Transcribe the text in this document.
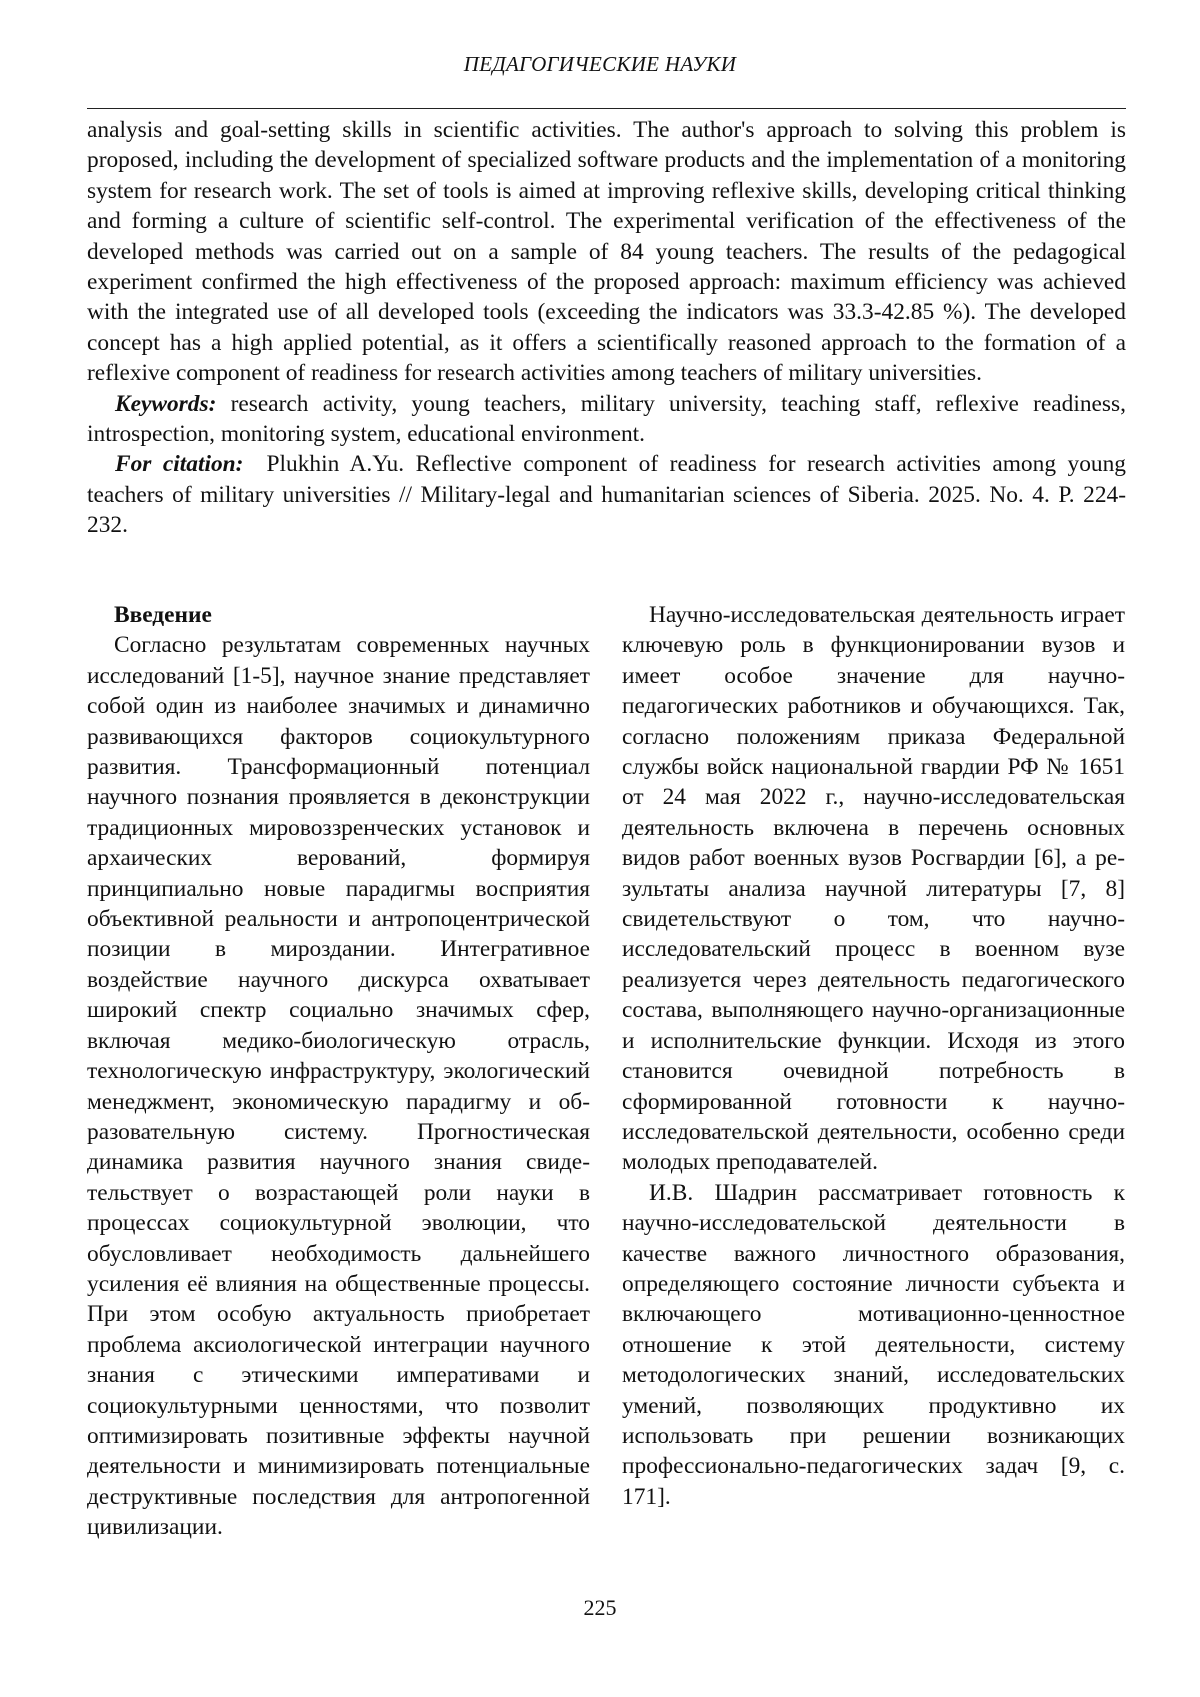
ПЕДАГОГИЧЕСКИЕ НАУКИ

analysis and goal-setting skills in scientific activities. The author's approach to solving this problem is proposed, including the development of specialized software products and the implementation of a monitoring system for research work. The set of tools is aimed at improving reflexive skills, developing critical thinking and forming a culture of scientific self-control. The experimental verification of the effectiveness of the developed methods was carried out on a sample of 84 young teachers. The results of the pedagogical experiment confirmed the high effectiveness of the proposed approach: maximum efficiency was achieved with the integrated use of all developed tools (exceeding the indicators was 33.3-42.85 %). The developed concept has a high applied potential, as it offers a scientifically reasoned approach to the formation of a reflexive component of readiness for research activities among teachers of military universities.

Keywords: research activity, young teachers, military university, teaching staff, reflexive readiness, introspection, monitoring system, educational environment.

For citation: Plukhin A.Yu. Reflective component of readiness for research activities among young teachers of military universities // Military-legal and humanitarian sciences of Siberia. 2025. No. 4. P. 224-232.

Введение

Согласно результатам современных научных исследований [1-5], научное знание представляет собой один из наиболее значимых и динамично развивающихся факторов социокультурного развития. Трансформационный потенциал научного познания проявляется в деконструкции традиционных мировоззренческих установок и архаических верований, формируя принципиально новые парадигмы восприятия объективной реальности и антропоцентрической позиции в мироздании. Интегративное воздействие научного дискурса охватывает широкий спектр социально значимых сфер, включая медико-биологическую отрасль, технологическую инфраструктуру, экологический менеджмент, экономическую парадигму и образовательную систему. Прогностическая динамика развития научного знания свидетельствует о возрастающей роли науки в процессах социокультурной эволюции, что обусловливает необходимость дальнейшего усиления её влияния на общественные процессы. При этом особую актуальность приобретает проблема аксиологической интеграции научного знания с этическими императивами и социокультурными ценностями, что позволит оптимизировать позитивные эффекты научной деятельности и минимизировать потенциальные деструктивные последствия для антропогенной цивилизации.

Научно-исследовательская деятельность играет ключевую роль в функционировании вузов и имеет особое значение для научно-педагогических работников и обучающихся. Так, согласно положениям приказа Федеральной службы войск национальной гвардии РФ № 1651 от 24 мая 2022 г., научно-исследовательская деятельность включена в перечень основных видов работ военных вузов Росгвардии [6], а результаты анализа научной литературы [7, 8] свидетельствуют о том, что научно-исследовательский процесс в военном вузе реализуется через деятельность педагогического состава, выполняющего научно-организационные и исполнительские функции. Исходя из этого становится очевидной потребность в сформированной готовности к научно-исследовательской деятельности, особенно среди молодых преподавателей.

И.В. Шадрин рассматривает готовность к научно-исследовательской деятельности в качестве важного личностного образования, определяющего состояние личности субъекта и включающего мотивационно-ценностное отношение к этой деятельности, систему методологических знаний, исследовательских умений, позволяющих продуктивно их использовать при решении возникающих профессионально-педагогических задач [9, с. 171].

225
